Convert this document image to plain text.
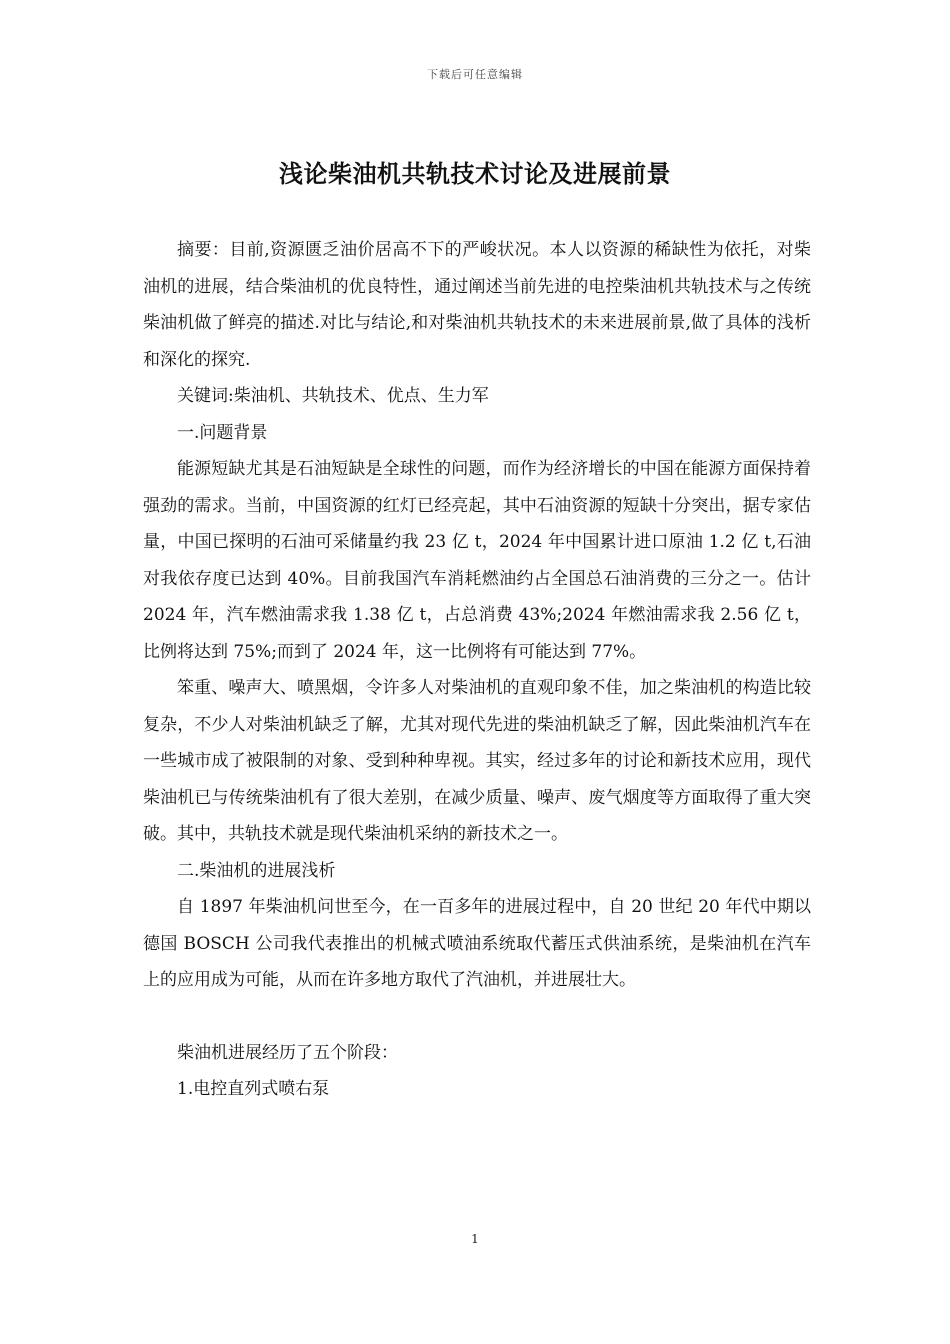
下载后可任意编辑
浅论柴油机共轨技术讨论及进展前景

摘要：目前,资源匮乏油价居高不下的严峻状况。本人以资源的稀缺性为依托，对柴油机的进展，结合柴油机的优良特性，通过阐述当前先进的电控柴油机共轨技术与之传统柴油机做了鲜亮的描述.对比与结论,和对柴油机共轨技术的未来进展前景,做了具体的浅析和深化的探究.

关键词:柴油机、共轨技术、优点、生力军

一.问题背景

能源短缺尤其是石油短缺是全球性的问题，而作为经济增长的中国在能源方面保持着强劲的需求。当前，中国资源的红灯已经亮起，其中石油资源的短缺十分突出，据专家估量，中国已探明的石油可采储量约我 23 亿 t，2024 年中国累计进口原油 1.2 亿 t,石油对我依存度已达到 40%。目前我国汽车消耗燃油约占全国总石油消费的三分之一。估计 2024 年，汽车燃油需求我 1.38 亿 t，占总消费 43%;2024 年燃油需求我 2.56 亿 t，比例将达到 75%;而到了 2024 年，这一比例将有可能达到 77%。

笨重、噪声大、喷黑烟，令许多人对柴油机的直观印象不佳，加之柴油机的构造比较复杂，不少人对柴油机缺乏了解，尤其对现代先进的柴油机缺乏了解，因此柴油机汽车在一些城市成了被限制的对象、受到种种卑视。其实，经过多年的讨论和新技术应用，现代柴油机已与传统柴油机有了很大差别，在减少质量、噪声、废气烟度等方面取得了重大突破。其中，共轨技术就是现代柴油机采纳的新技术之一。

二.柴油机的进展浅析

自 1897 年柴油机问世至今，在一百多年的进展过程中，自 20 世纪 20 年代中期以德国 BOSCH 公司我代表推出的机械式喷油系统取代蓄压式供油系统，是柴油机在汽车上的应用成为可能，从而在许多地方取代了汽油机，并进展壮大。

柴油机进展经历了五个阶段：

1.电控直列式喷右泵

1
